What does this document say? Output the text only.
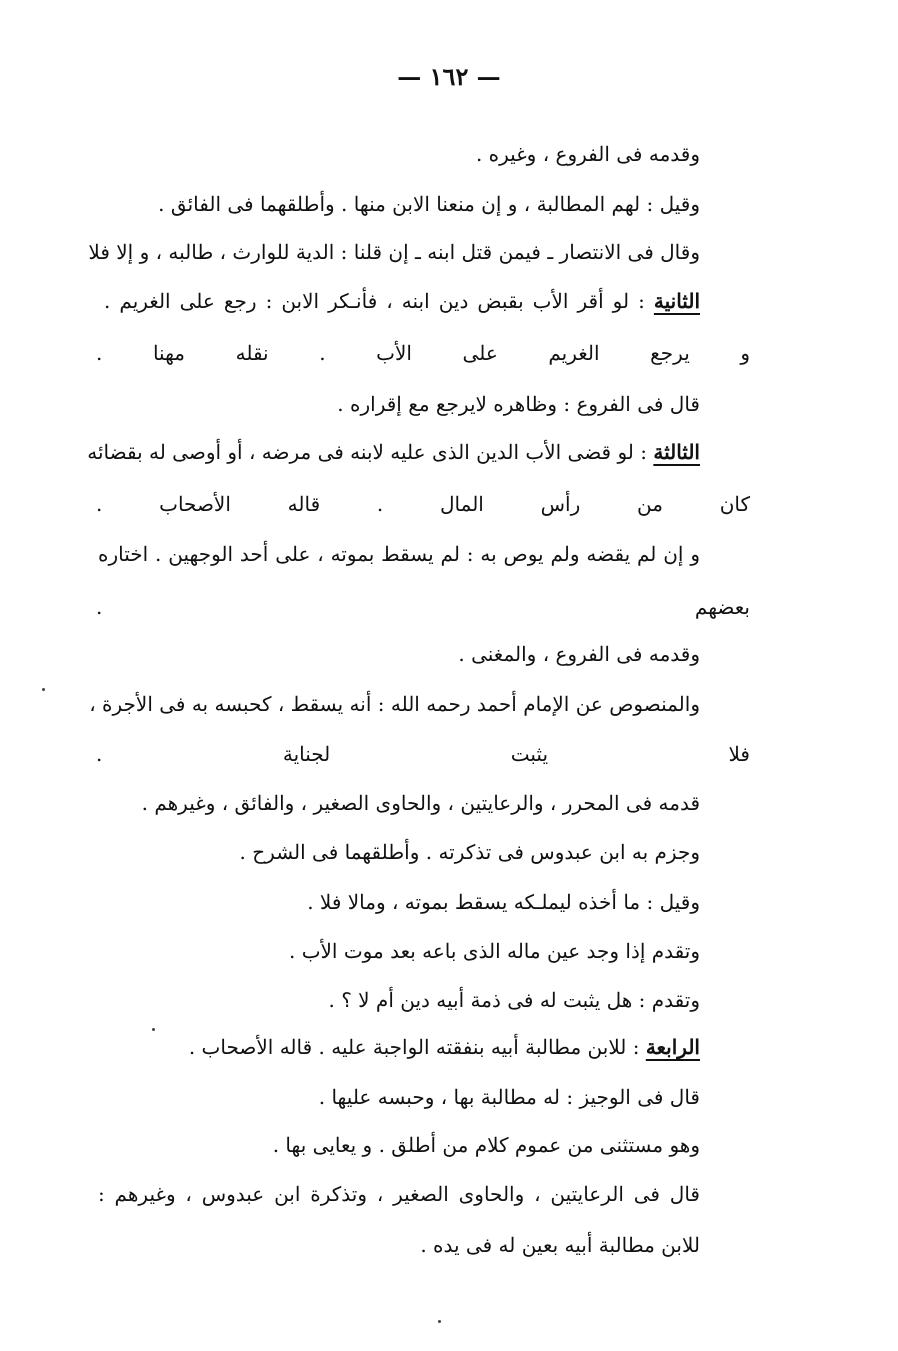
— ١٦٢ —
وقدمه فى الفروع ، وغيره .
وقيل : لهم المطالبة ، و إن منعنا الابن منها . وأطلقهما فى الفائق .
وقال فى الانتصار ـ فيمن قتل ابنه ـ إن قلنا : الدية للوارث ، طالبه ، و إلا فلا
الثانية : لو أقر الأب بقبض دين ابنه ، فأنـكر الابن : رجع على الغريم .
و يرجع الغريم على الأب . نقله مهنا .
قال فى الفروع : وظاهره لايرجع مع إقراره .
الثالثة : لو قضى الأب الدين الذى عليه لابنه فى مرضه ، أو أوصى له بقضائه
كان من رأس المال . قاله الأصحاب .
و إن لم يقضه ولم يوص به : لم يسقط بموته ، على أحد الوجهين . اختاره
بعضهم .
وقدمه فى الفروع ، والمغنى .
والمنصوص عن الإمام أحمد رحمه الله : أنه يسقط ، كحبسه به فى الأجرة ،
فلا يثبت لجناية .
قدمه فى المحرر ، والرعايتين ، والحاوى الصغير ، والفائق ، وغيرهم .
وجزم به ابن عبدوس فى تذكرته . وأطلقهما فى الشرح .
وقيل : ما أخذه ليملـكه يسقط بموته ، ومالا فلا .
وتقدم إذا وجد عين ماله الذى باعه بعد موت الأب .
وتقدم : هل يثبت له فى ذمة أبيه دين أم لا ؟ .
الرابعة : للابن مطالبة أبيه بنفقته الواجبة عليه . قاله الأصحاب .
قال فى الوجيز : له مطالبة بها ، وحبسه عليها .
وهو مستثنى من عموم كلام من أطلق . و يعايى بها .
قال فى الرعايتين ، والحاوى الصغير ، وتذكرة ابن عبدوس ، وغيرهم :
للابن مطالبة أبيه بعين له فى يده .
